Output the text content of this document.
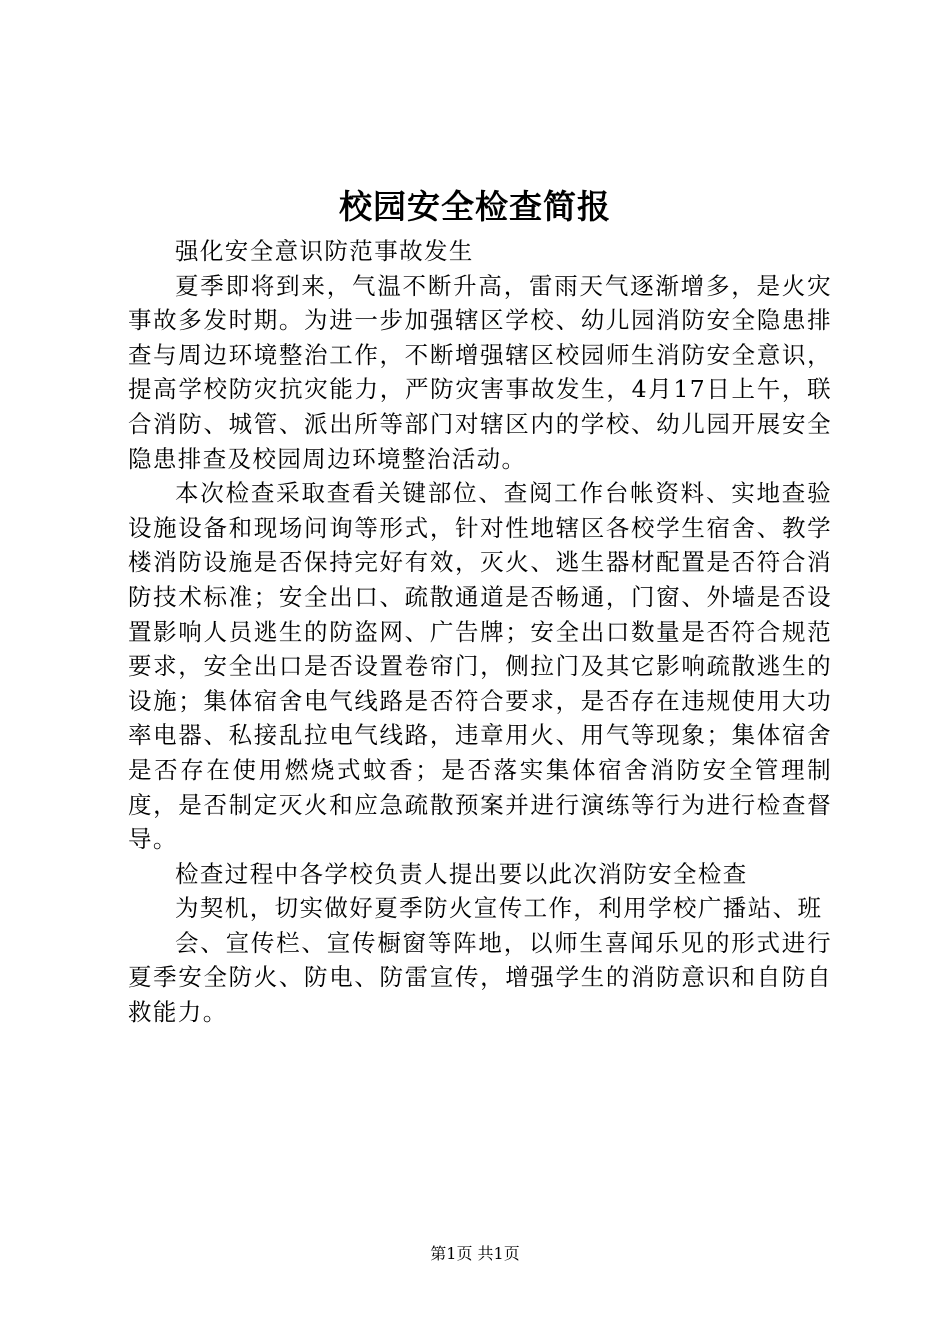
校园安全检查简报

强化安全意识防范事故发生

夏季即将到来，气温不断升高，雷雨天气逐渐增多，是火灾事故多发时期。为进一步加强辖区学校、幼儿园消防安全隐患排查与周边环境整治工作，不断增强辖区校园师生消防安全意识，提高学校防灾抗灾能力，严防灾害事故发生，4月17日上午，联合消防、城管、派出所等部门对辖区内的学校、幼儿园开展安全隐患排查及校园周边环境整治活动。

本次检查采取查看关键部位、查阅工作台帐资料、实地查验设施设备和现场问询等形式，针对性地辖区各校学生宿舍、教学楼消防设施是否保持完好有效，灭火、逃生器材配置是否符合消防技术标准；安全出口、疏散通道是否畅通，门窗、外墙是否设置影响人员逃生的防盗网、广告牌；安全出口数量是否符合规范要求，安全出口是否设置卷帘门，侧拉门及其它影响疏散逃生的设施；集体宿舍电气线路是否符合要求，是否存在违规使用大功率电器、私接乱拉电气线路，违章用火、用气等现象；集体宿舍是否存在使用燃烧式蚊香；是否落实集体宿舍消防安全管理制度，是否制定灭火和应急疏散预案并进行演练等行为进行检查督导。

检查过程中各学校负责人提出要以此次消防安全检查

为契机，切实做好夏季防火宣传工作，利用学校广播站、班

会、宣传栏、宣传橱窗等阵地，以师生喜闻乐见的形式进行夏季安全防火、防电、防雷宣传，增强学生的消防意识和自防自救能力。

第1页 共1页
